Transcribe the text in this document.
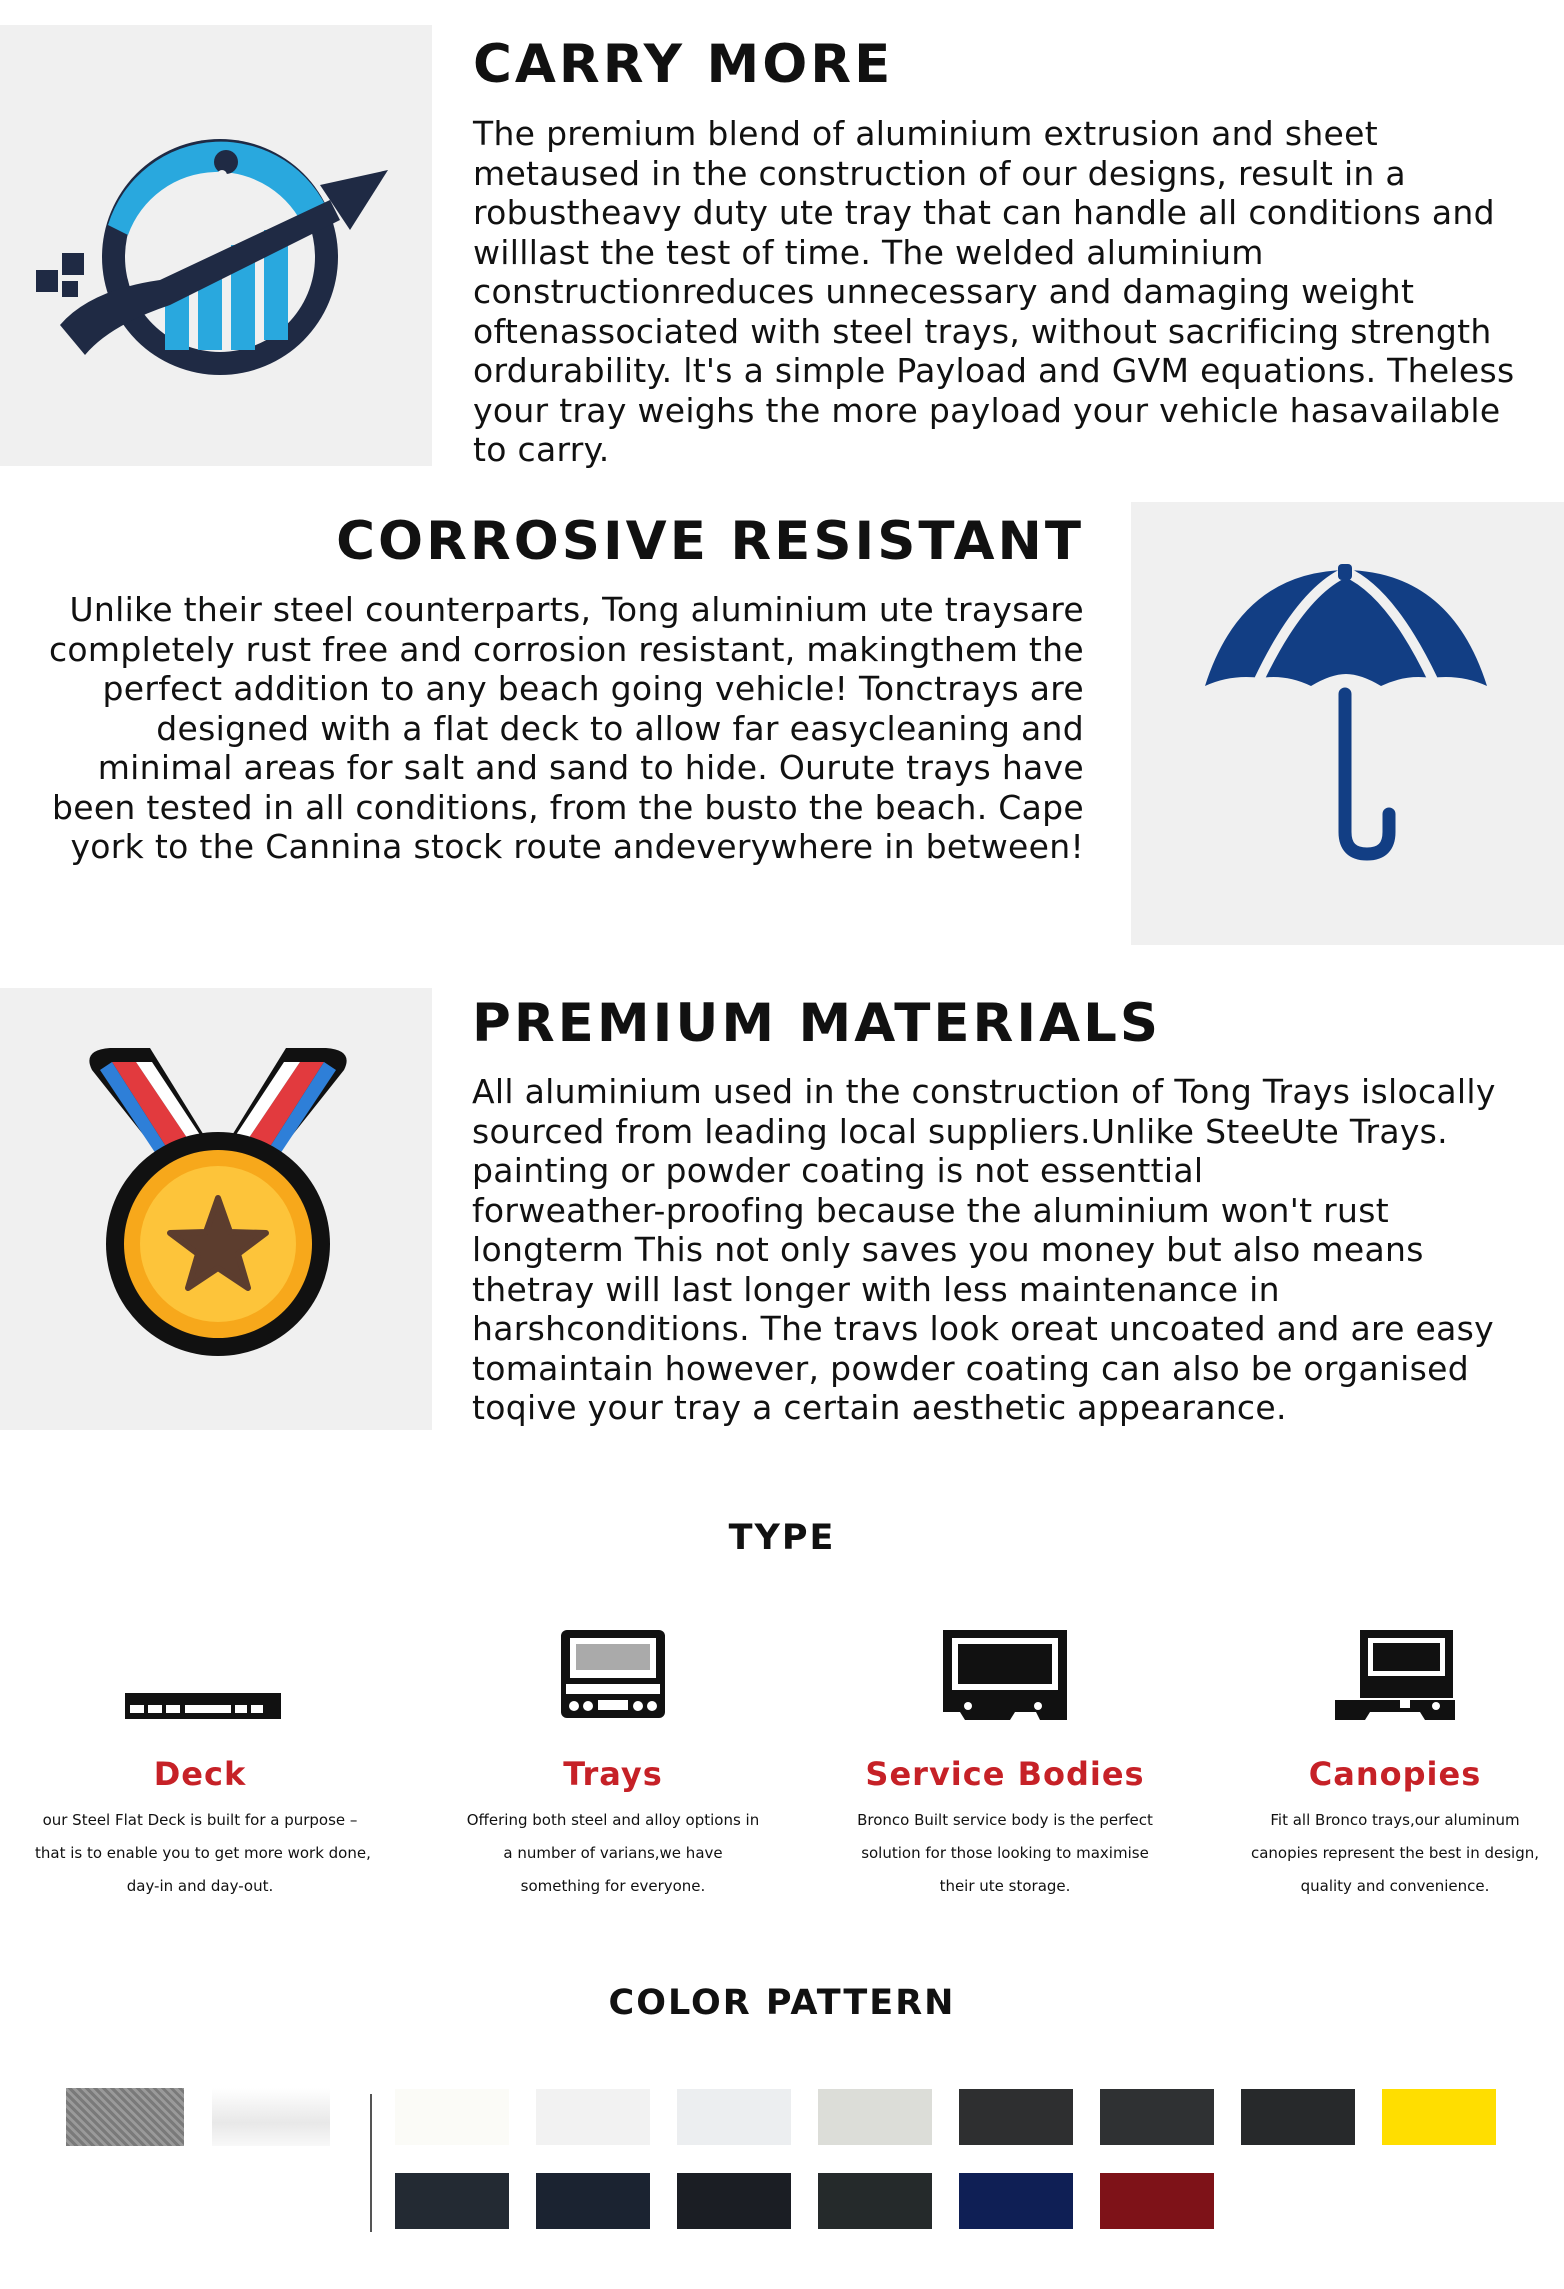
CARRY MORE
The premium blend of aluminium extrusion and sheet
metaused in the construction of our designs, result in a
robustheavy duty ute tray that can handle all conditions and
willlast the test of time. The welded aluminium
constructionreduces unnecessary and damaging weight
oftenassociated with steel trays, without sacrificing strength
ordurability. lt's a simple Payload and GVM equations. Theless
your tray weighs the more payload your vehicle hasavailable
to carry.
CORROSIVE RESISTANT
Unlike their steel counterparts, Tong aluminium ute traysare
completely rust free and corrosion resistant, makingthem the
perfect addition to any beach going vehicle! Tonctrays are
designed with a flat deck to allow far easycleaning and
minimal areas for salt and sand to hide. Ourute trays have
been tested in all conditions, from the busto the beach. Cape
york to the Cannina stock route andeverywhere in between!
PREMIUM MATERIALS
All aluminium used in the construction of Tong Trays islocally
sourced from leading local suppliers.Unlike SteeUte Trays.
painting or powder coating is not essenttial
forweather-proofing because the aluminium won't rust
longterm This not only saves you money but also means
thetray will last longer with less maintenance in
harshconditions. The travs look oreat uncoated and are easy
tomaintain however, powder coating can also be organised
toqive your tray a certain aesthetic appearance.
TYPE
Deck
our Steel Flat Deck is built for a purpose –
that is to enable you to get more work done,
day-in and day-out.
Trays
Offering both steel and alloy options in
a number of varians,we have
something for everyone.
Service Bodies
Bronco Built service body is the perfect
solution for those looking to maximise
their ute storage.
Canopies
Fit all Bronco trays,our aluminum
canopies represent the best in design,
quality and convenience.
COLOR PATTERN
